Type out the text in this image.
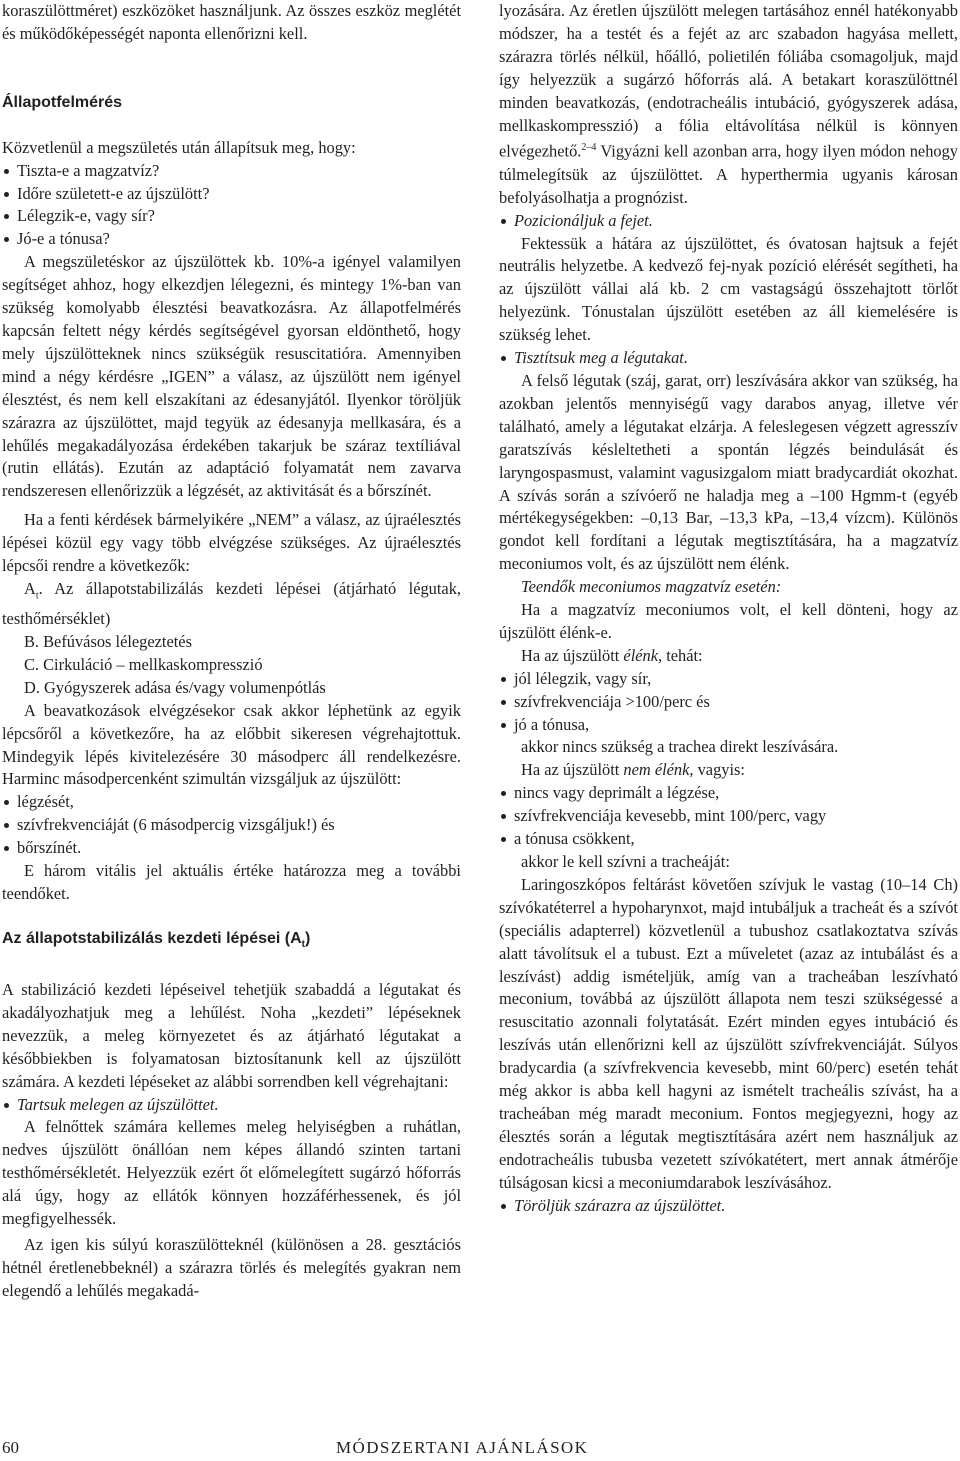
koraszülöttméret) eszközöket használjunk. Az összes eszköz meglétét és működőképességét naponta ellenőrizni kell.

Állapotfelmérés

Közvetlenül a megszületés után állapítsuk meg, hogy:

Tiszta-e a magzatvíz?
Időre született-e az újszülött?
Lélegzik-e, vagy sír?
Jó-e a tónusa?

A megszületéskor az újszülöttek kb. 10%-a igényel valamilyen segítséget ahhoz, hogy elkezdjen lélegezni, és mintegy 1%-ban van szükség komolyabb élesztési beavatkozásra. Az állapotfelmérés kapcsán feltett négy kérdés segítségével gyorsan eldönthető, hogy mely újszülötteknek nincs szükségük resuscitatióra. Amennyiben mind a négy kérdésre „IGEN” a válasz, az újszülött nem igényel élesztést, és nem kell elszakítani az édesanyjától. Ilyenkor töröljük szárazra az újszülöttet, majd tegyük az édesanyja mellkasára, és a lehűlés megakadályozása érdekében takarjuk be száraz textíliával (rutin ellátás). Ezután az adaptáció folyamatát nem zavarva rendszeresen ellenőrizzük a légzését, az aktivitását és a bőrszínét.

Ha a fenti kérdések bármelyikére „NEM” a válasz, az újraélesztés lépései közül egy vagy több elvégzése szükséges. Az újraélesztés lépcsői rendre a következők:

$A_t$. Az állapotstabilizálás kezdeti lépései (átjárható légutak, testhőmérséklet)

B. Befúvásos lélegeztetés

C. Cirkuláció – mellkaskompresszió

D. Gyógyszerek adása és/vagy volumenpótlás

A beavatkozások elvégzésekor csak akkor léphetünk az egyik lépcsőről a következőre, ha az előbbit sikeresen végrehajtottuk. Mindegyik lépés kivitelezésére 30 másodperc áll rendelkezésre. Harminc másodpercenként szimultán vizsgáljuk az újszülött:

légzését,
szívfrekvenciáját (6 másodpercig vizsgáljuk!) és
bőrszínét.

E három vitális jel aktuális értéke határozza meg a további teendőket.

Az állapotstabilizálás kezdeti lépései $(A_t)$

A stabilizáció kezdeti lépéseivel tehetjük szabaddá a légutakat és akadályozhatjuk meg a lehűlést. Noha „kezdeti” lépéseknek nevezzük, a meleg környezetet és az átjárható légutakat a későbbiekben is folyamatosan biztosítanunk kell az újszülött számára. A kezdeti lépéseket az alábbi sorrendben kell végrehajtani:

Tartsuk melegen az újszülöttet.

A felnőttek számára kellemes meleg helyiségben a ruhátlan, nedves újszülött önállóan nem képes állandó szinten tartani testhőmérsékletét. Helyezzük ezért őt előmelegített sugárzó hőforrás alá úgy, hogy az ellátók könnyen hozzáférhessenek, és jól megfigyelhessék.

Az igen kis súlyú koraszülötteknél (különösen a 28. gesztációs hétnél éretlenebbeknél) a szárazra törlés és melegítés gyakran nem elegendő a lehűlés megakadá-

lyozására. Az éretlen újszülött melegen tartásához ennél hatékonyabb módszer, ha a testét és a fejét az arc szabadon hagyása mellett, szárazra törlés nélkül, hőálló, polietilén fóliába csomagoljuk, majd így helyezzük a sugárzó hőforrás alá. A betakart koraszülöttnél minden beavatkozás, (endotracheális intubáció, gyógyszerek adása, mellkaskompresszió) a fólia eltávolítása nélkül is könnyen elvégezhető.$^{2-4}$ Vigyázni kell azonban arra, hogy ilyen módon nehogy túlmelegítsük az újszülöttet. A hyperthermia ugyanis károsan befolyásolhatja a prognózist.

Pozicionáljuk a fejet.

Fektessük a hátára az újszülöttet, és óvatosan hajtsuk a fejét neutrális helyzetbe. A kedvező fej-nyak pozíció elérését segítheti, ha az újszülött vállai alá kb. 2 cm vastagságú összehajtott törlőt helyezünk. Tónustalan újszülött esetében az áll kiemelésére is szükség lehet.

Tisztítsuk meg a légutakat.

A felső légutak (száj, garat, orr) leszívására akkor van szükség, ha azokban jelentős mennyiségű vagy darabos anyag, illetve vér található, amely a légutakat elzárja. A feleslegesen végzett agresszív garatszívás késleltetheti a spontán légzés beindulását és laryngospasmust, valamint vagusizgalom miatt bradycardiát okozhat. A szívás során a szívóerő ne haladja meg a –100 Hgmm-t (egyéb mértékegységekben: –0,13 Bar, –13,3 kPa, –13,4 vízcm). Különös gondot kell fordítani a légutak megtisztítására, ha a magzatvíz meconiumos volt, és az újszülött nem élénk.

Teendők meconiumos magzatvíz esetén:

Ha a magzatvíz meconiumos volt, el kell dönteni, hogy az újszülött élénk-e.

Ha az újszülött élénk, tehát:

jól lélegzik, vagy sír,
szívfrekvenciája >100/perc és
jó a tónusa,

akkor nincs szükség a trachea direkt leszívására.

Ha az újszülött nem élénk, vagyis:

nincs vagy deprimált a légzése,
szívfrekvenciája kevesebb, mint 100/perc, vagy
a tónusa csökkent,

akkor le kell szívni a tracheáját:

Laringoszkópos feltárást követően szívjuk le vastag (10–14 Ch) szívókatéterrel a hypoharynxot, majd intubáljuk a tracheát és a szívót (speciális adapterrel) közvetlenül a tubushoz csatlakoztatva szívás alatt távolítsuk el a tubust. Ezt a műveletet (azaz az intubálást és a leszívást) addig ismételjük, amíg van a tracheában leszívható meconium, továbbá az újszülött állapota nem teszi szükségessé a resuscitatio azonnali folytatását. Ezért minden egyes intubáció és leszívás után ellenőrizni kell az újszülött szívfrekvenciáját. Súlyos bradycardia (a szívfrekvencia kevesebb, mint 60/perc) esetén tehát még akkor is abba kell hagyni az ismételt tracheális szívást, ha a tracheában még maradt meconium. Fontos megjegyezni, hogy az élesztés során a légutak megtisztítására azért nem használjuk az endotracheális tubusba vezetett szívókatétert, mert annak átmérője túlságosan kicsi a meconiumdarabok leszívásához.

Töröljük szárazra az újszülöttet.
60	MÓDSZERTANI AJÁNLÁSOK
